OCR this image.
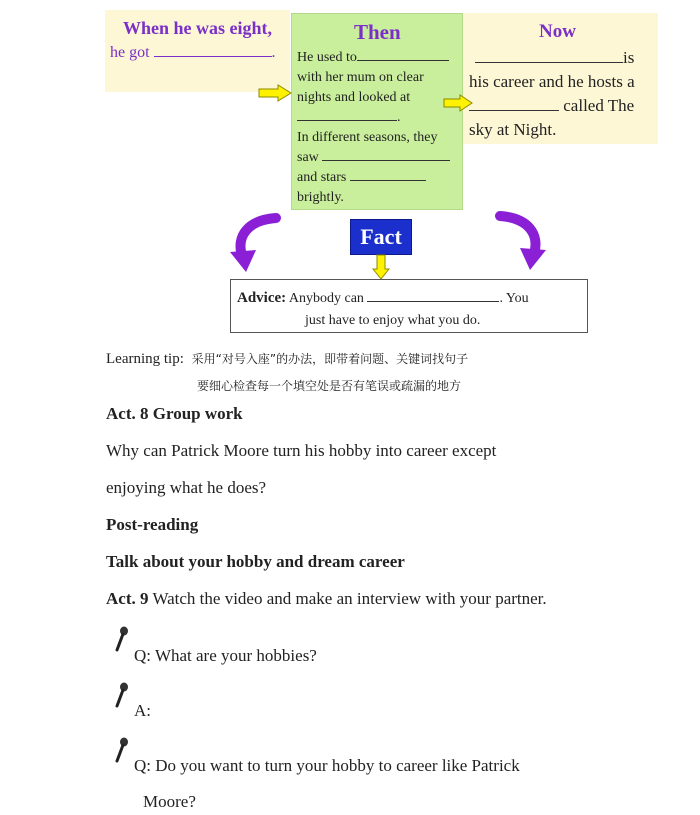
When he was eight,
he got	.
Then
He used to
with her mum on clear
nights and looked at
.
In different seasons, they
saw
and stars
brightly.
Now
is
his career and he hosts a
called The
sky at Night.
Fact
Advice: Anybody can	. You
just have to enjoy what you do.
Learning tip: 采用“对号入座”的办法，即带着问题、关键词找句子
要细心检查每一个填空处是否有笔误或疏漏的地方
Act. 8 Group work
Why can Patrick Moore turn his hobby into career except
enjoying what he does?
Post-reading
Talk about your hobby and dream career
Act. 9 Watch the video and make an interview with your partner.
Q: What are your hobbies?
A:
Q: Do you want to turn your hobby to career like Patrick
Moore?
